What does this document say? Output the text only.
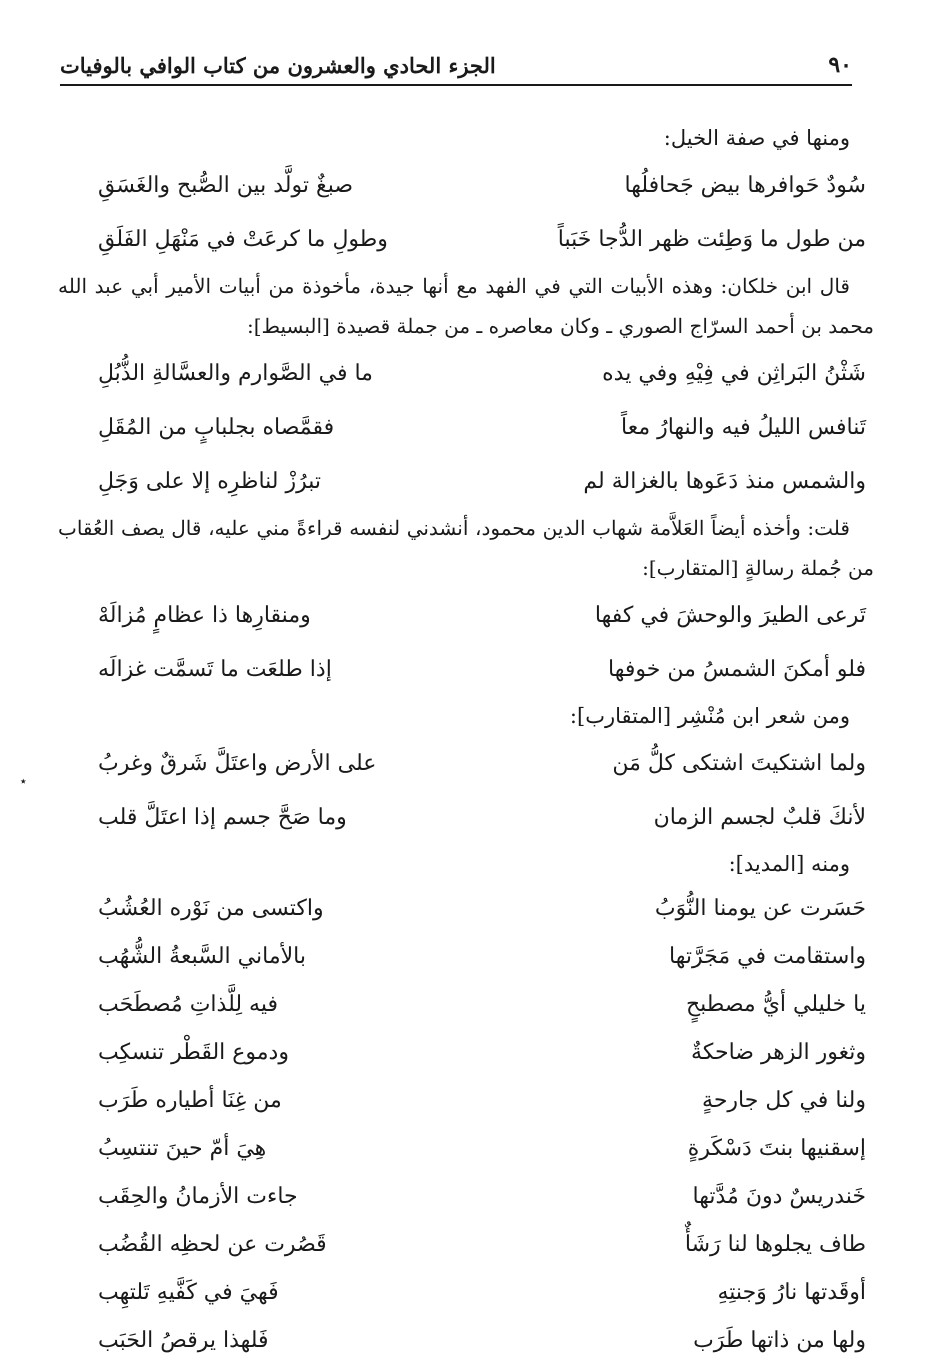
٩٠
الجزء الحادي والعشرون من كتاب الوافي بالوفيات

ومنها في صفة الخيل:

سُودٌ حَوافرها بيض جَحافلُها
صبغٌ تولَّد بين الصُّبح والغَسَقِ
من طول ما وَطِئت ظهر الدُّجا خَبَباً
وطولِ ما كرعَتْ في مَنْهَلِ الفَلَقِ

قال ابن خلكان: وهذه الأبيات التي في الفهد مع أنها جيدة، مأخوذة من أبيات الأمير أبي عبد الله محمد بن أحمد السرّاج الصوري ـ وكان معاصره ـ من جملة قصيدة [البسيط]:

شَثْنُ البَراثِن في فِيْهِ وفي يده
ما في الصَّوارم والعسَّالةِ الذُّبُلِ
تَنافس الليلُ فيه والنهارُ معاً
فقمَّصاه بجلبابٍ من المُقَلِ
والشمس منذ دَعَوها بالغزالة لم
تبرُزْ لناظرِه إلا على وَجَلِ

قلت: وأخذه أيضاً العَلاَّمة شهاب الدين محمود، أنشدني لنفسه قراءةً مني عليه، قال يصف العُقاب من جُملة رسالةٍ [المتقارب]:

تَرعى الطيرَ والوحشَ في كفها
ومنقارِها ذا عظامٍ مُزالَهْ
فلو أمكنَ الشمسُ من خوفها
إذا طلعَت ما تَسمَّت غزالَه

ومن شعر ابن مُنْشِر [المتقارب]:

ولما اشتكيتَ اشتكى كلُّ مَن
على الأرض واعتَلَّ شَرقٌ وغربُ
لأنكَ قلبٌ لجسم الزمان
وما صَحَّ جسم إذا اعتَلَّ قلب

ومنه [المديد]:

حَسَرت عن يومنا النُّوَبُ
واكتسى من نَوْره العُشُبُ
واستقامت في مَجَرَّتها
بالأماني السَّبعةُ الشُّهُب
يا خليلي أيُّ مصطبحٍ
فيه لِلَّذاتِ مُصطَحَب
وثغور الزهر ضاحكةٌ
ودموع القَطْر تنسكِب
ولنا في كل جارحةٍ
من غِنَا أطياره طَرَب
إسقنيها بنتَ دَسْكَرةٍ
هِيَ أمّ حينَ تنتسِبُ
خَندريسٌ دونَ مُدَّتها
جاءت الأزمانُ والحِقَب
طاف يجلوها لنا رَشَأٌ
قَصُرت عن لحظِه القُضُب
أوقَدتها نارُ وَجنتِهِ
فَهيَ في كَفَّيهِ تَلتهِب
ولها من ذاتها طَرَب
فَلهذا يرقصُ الحَبَب
٭
